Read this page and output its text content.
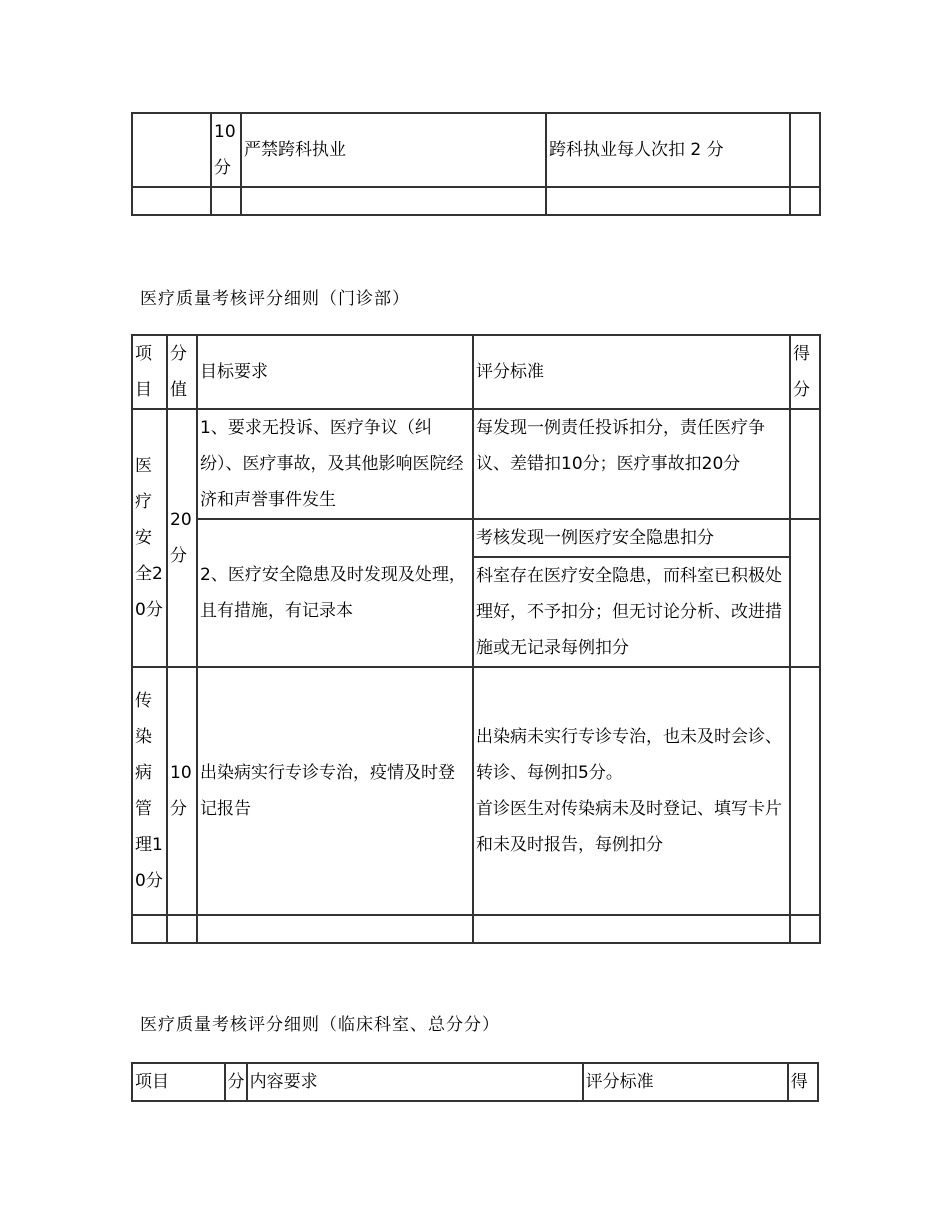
	10分	严禁跨科执业	跨科执业每人次扣 2 分	

医疗质量考核评分细则（门诊部）
项目	分值	目标要求	评分标准	得分
医疗安全20分	20分	1、要求无投诉、医疗争议（纠纷）、医疗事故，及其他影响医院经济和声誉事件发生	每发现一例责任投诉扣分，责任医疗争议、差错扣10分；医疗事故扣20分	
		2、医疗安全隐患及时发现及处理，且有措施，有记录本	考核发现一例医疗安全隐患扣分	
			科室存在医疗安全隐患，而科室已积极处理好，不予扣分；但无讨论分析、改进措施或无记录每例扣分	
传染病管理10分	10分	出染病实行专诊专治，疫情及时登记报告	出染病未实行专诊专治，也未及时会诊、转诊、每例扣5分。
首诊医生对传染病未及时登记、填写卡片和未及时报告，每例扣分	

医疗质量考核评分细则（临床科室、总分分）
项目	分	内容要求	评分标准	得
